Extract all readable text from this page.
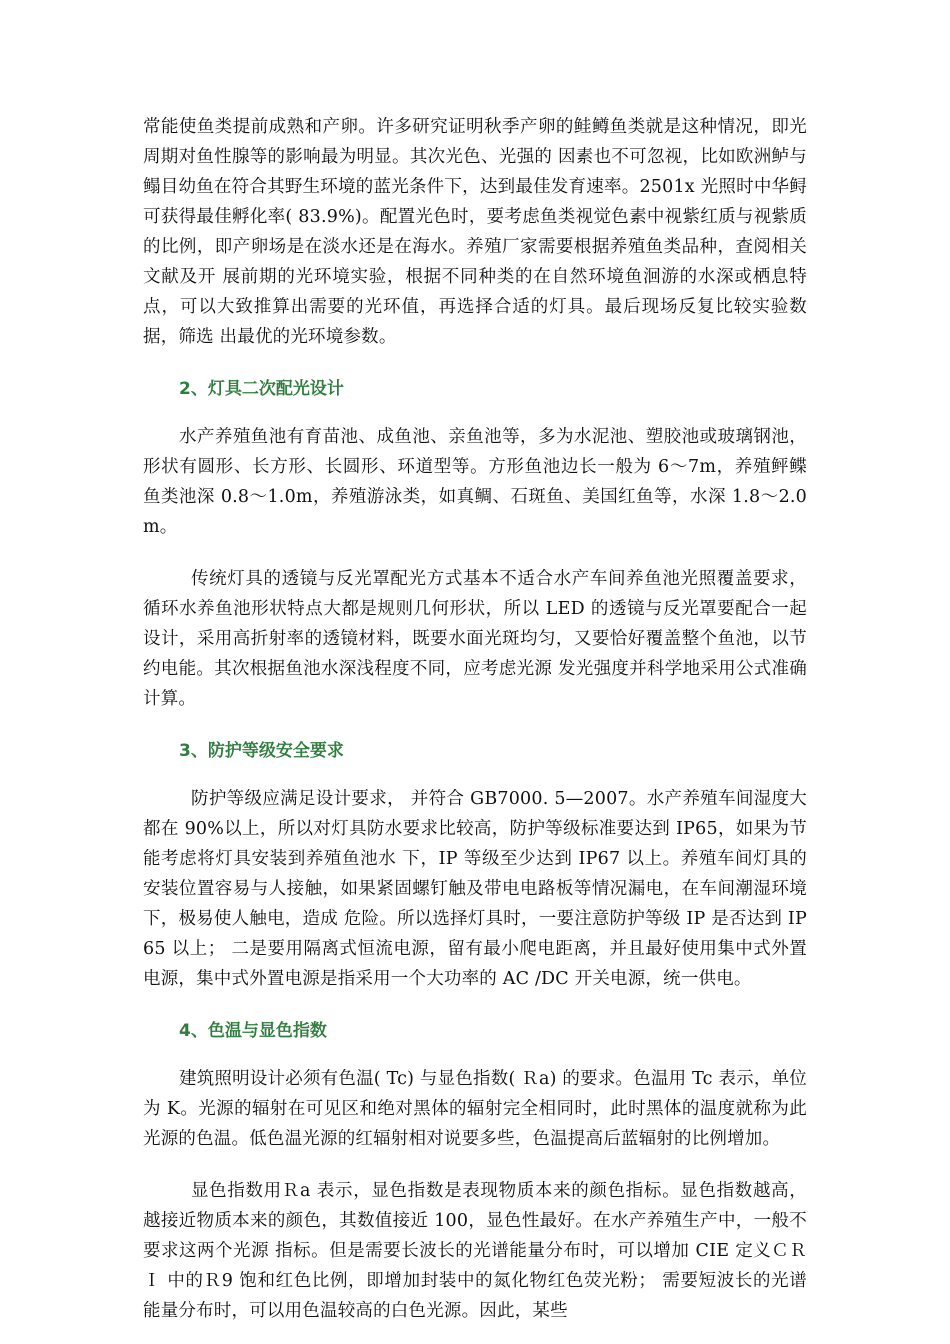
常能使鱼类提前成熟和产卵。许多研究证明秋季产卵的鲑鳟鱼类就是这种情况，即光周期对鱼性腺等的影响最为明显。其次光色、光强的 因素也不可忽视，比如欧洲鲈与鳎目幼鱼在符合其野生环境的蓝光条件下，达到最佳发育速率。2501x 光照时中华鲟可获得最佳孵化率( 83.9%)。配置光色时，要考虑鱼类视觉色素中视紫红质与视紫质的比例，即产卵场是在淡水还是在海水。养殖厂家需要根据养殖鱼类品种，查阅相关文献及开 展前期的光环境实验，根据不同种类的在自然环境鱼洄游的水深或栖息特点，可以大致推算出需要的光环值，再选择合适的灯具。最后现场反复比较实验数据，筛选 出最优的光环境参数。

2、灯具二次配光设计

水产养殖鱼池有育苗池、成鱼池、亲鱼池等，多为水泥池、塑胶池或玻璃钢池，形状有圆形、长方形、长圆形、环道型等。方形鱼池边长一般为 6～7m，养殖鲆鲽鱼类池深 0.8～1.0m，养殖游泳类，如真鲷、石斑鱼、美国红鱼等，水深 1.8～2.0m。

传统灯具的透镜与反光罩配光方式基本不适合水产车间养鱼池光照覆盖要求，循环水养鱼池形状特点大都是规则几何形状，所以 LED 的透镜与反光罩要配合一起设计，采用高折射率的透镜材料，既要水面光斑均匀，又要恰好覆盖整个鱼池，以节约电能。其次根据鱼池水深浅程度不同，应考虑光源 发光强度并科学地采用公式准确计算。

3、防护等级安全要求

防护等级应满足设计要求， 并符合 GB7000. 5—2007。水产养殖车间湿度大都在 90%以上，所以对灯具防水要求比较高，防护等级标准要达到 IP65，如果为节能考虑将灯具安装到养殖鱼池水 下，IP 等级至少达到 IP67 以上。养殖车间灯具的安装位置容易与人接触，如果紧固螺钉触及带电电路板等情况漏电，在车间潮湿环境下，极易使人触电，造成 危险。所以选择灯具时，一要注意防护等级 IP 是否达到 IP65 以上； 二是要用隔离式恒流电源，留有最小爬电距离，并且最好使用集中式外置电源，集中式外置电源是指采用一个大功率的 AC /DC 开关电源，统一供电。

4、色温与显色指数

建筑照明设计必须有色温( Tc) 与显色指数( Ｒa) 的要求。色温用 Tc 表示，单位为 K。光源的辐射在可见区和绝对黑体的辐射完全相同时，此时黑体的温度就称为此光源的色温。低色温光源的红辐射相对说要多些，色温提高后蓝辐射的比例增加。

显色指数用Ｒa 表示，显色指数是表现物质本来的颜色指标。显色指数越高，越接近物质本来的颜色，其数值接近 100，显色性最好。在水产养殖生产中，一般不要求这两个光源 指标。但是需要长波长的光谱能量分布时，可以增加 CIE 定义ＣＲＩ 中的Ｒ9 饱和红色比例，即增加封装中的氮化物红色荧光粉； 需要短波长的光谱能量分布时，可以用色温较高的白色光源。因此，某些
